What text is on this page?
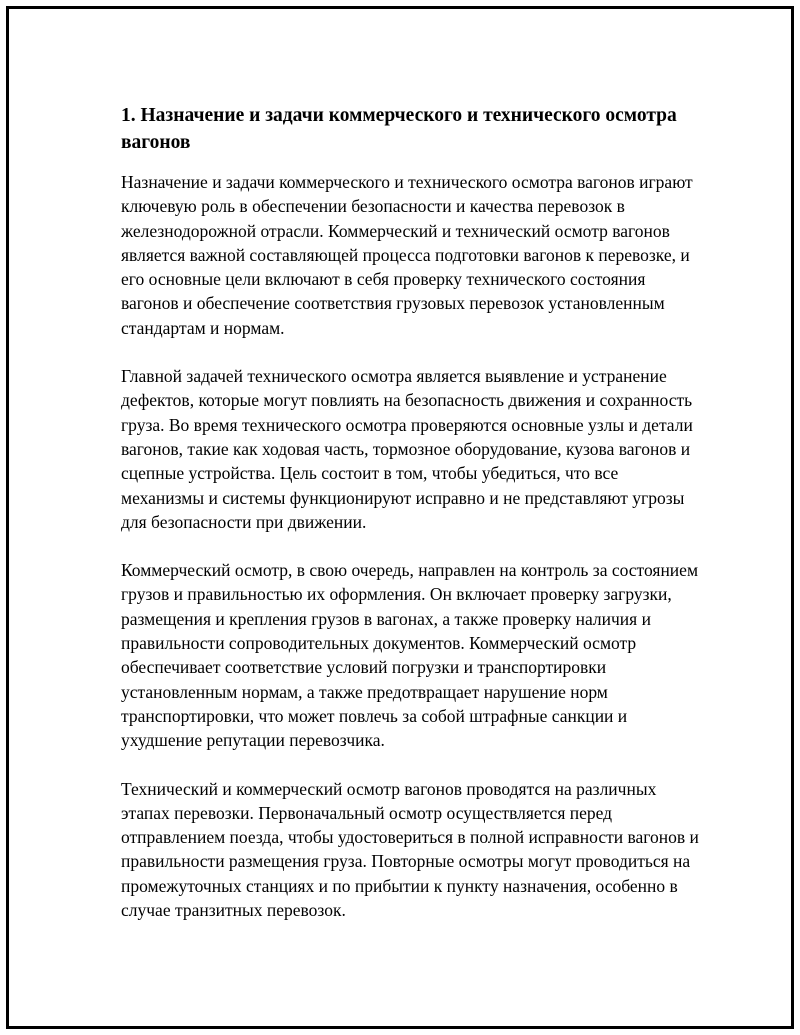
1. Назначение и задачи коммерческого и технического осмотра вагонов

Назначение и задачи коммерческого и технического осмотра вагонов играют ключевую роль в обеспечении безопасности и качества перевозок в железнодорожной отрасли. Коммерческий и технический осмотр вагонов является важной составляющей процесса подготовки вагонов к перевозке, и его основные цели включают в себя проверку технического состояния вагонов и обеспечение соответствия грузовых перевозок установленным стандартам и нормам.

Главной задачей технического осмотра является выявление и устранение дефектов, которые могут повлиять на безопасность движения и сохранность груза. Во время технического осмотра проверяются основные узлы и детали вагонов, такие как ходовая часть, тормозное оборудование, кузова вагонов и сцепные устройства. Цель состоит в том, чтобы убедиться, что все механизмы и системы функционируют исправно и не представляют угрозы для безопасности при движении.

Коммерческий осмотр, в свою очередь, направлен на контроль за состоянием грузов и правильностью их оформления. Он включает проверку загрузки, размещения и крепления грузов в вагонах, а также проверку наличия и правильности сопроводительных документов. Коммерческий осмотр обеспечивает соответствие условий погрузки и транспортировки установленным нормам, а также предотвращает нарушение норм транспортировки, что может повлечь за собой штрафные санкции и ухудшение репутации перевозчика.

Технический и коммерческий осмотр вагонов проводятся на различных этапах перевозки. Первоначальный осмотр осуществляется перед отправлением поезда, чтобы удостовериться в полной исправности вагонов и правильности размещения груза. Повторные осмотры могут проводиться на промежуточных станциях и по прибытии к пункту назначения, особенно в случае транзитных перевозок.
